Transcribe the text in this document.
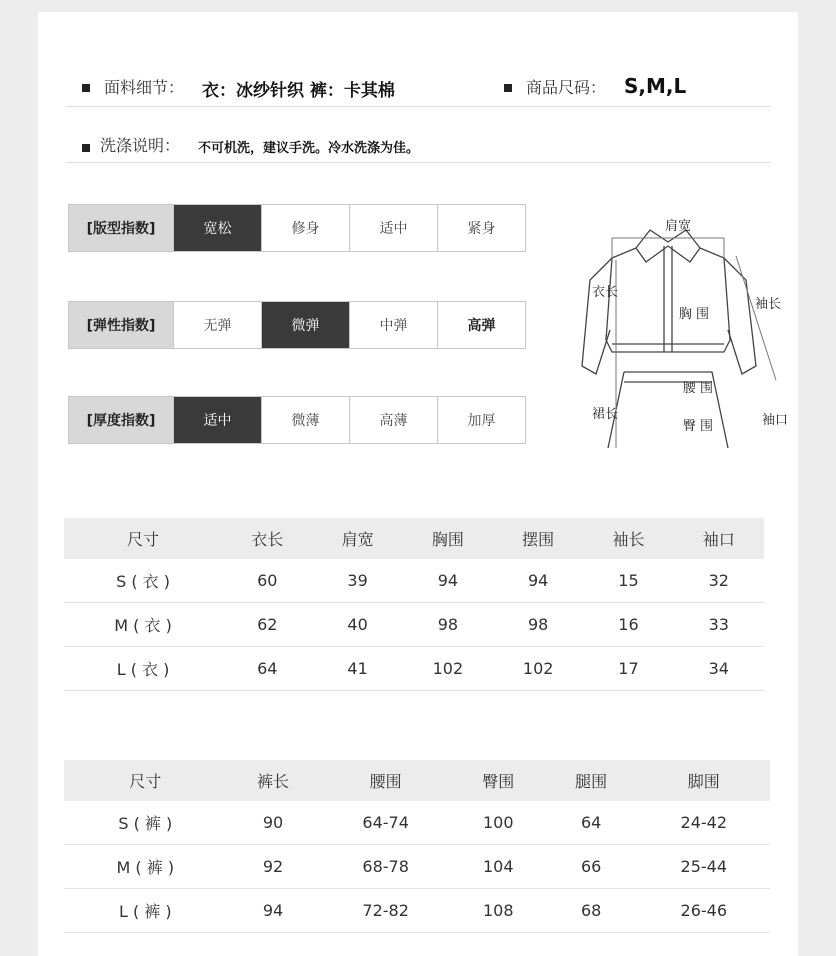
面料细节： 衣：冰纱针织 裤：卡其棉	商品尺码： S,M,L
洗涤说明： 不可机洗，建议手洗。冷水洗涤为佳。
[版型指数]	宽松	修身	适中	紧身
[弹性指数]	无弹	微弹	中弹	高弹
[厚度指数]	适中	微薄	高薄	加厚
肩宽
衣长
胸 围
袖长
腰 围
臀 围
裙长	袖口
尺寸	衣长	肩宽	胸围	摆围	袖长	袖口
S ( 衣 )	60	39	94	94	15	32
M ( 衣 )	62	40	98	98	16	33
L ( 衣 )	64	41	102	102	17	34
尺寸	裤长	腰围	臀围	腿围	脚围
S ( 裤 )	90	64-74	100	64	24-42
M ( 裤 )	92	68-78	104	66	25-44
L ( 裤 )	94	72-82	108	68	26-46
